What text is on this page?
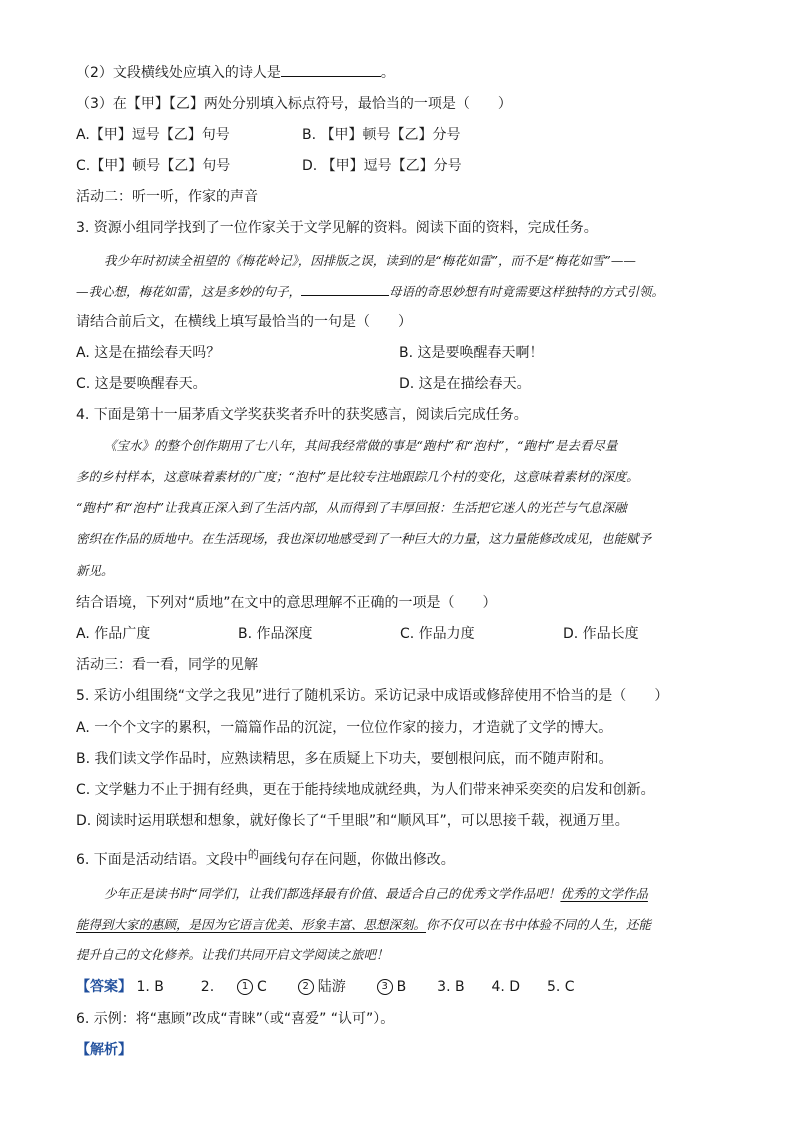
（2）文段横线处应填入的诗人是	。
（3）在【甲】【乙】两处分别填入标点符号，最恰当的一项是（ ）
A.【甲】逗号【乙】句号	B. 【甲】顿号【乙】分号
C.【甲】顿号【乙】句号	D. 【甲】逗号【乙】分号
活动二：听一听，作家的声音
3. 资源小组同学找到了一位作家关于文学见解的资料。阅读下面的资料，完成任务。
我少年时初读全祖望的《梅花岭记》，因排版之误，读到的是“梅花如雷”，而不是“梅花如雪”——
—我心想，梅花如雷，这是多妙的句子，	母语的奇思妙想有时竟需要这样独特的方式引领。
请结合前后文，在横线上填写最恰当的一句是（ ）
A. 这是在描绘春天吗？	B. 这是要唤醒春天啊！
C. 这是要唤醒春天。	D. 这是在描绘春天。
4. 下面是第十一届茅盾文学奖获奖者乔叶的获奖感言，阅读后完成任务。
《宝水》的整个创作期用了七八年，其间我经常做的事是“跑村”和“泡村”，“跑村”是去看尽量
多的乡村样本，这意味着素材的广度；“泡村”是比较专注地跟踪几个村的变化，这意味着素材的深度。
“跑村”和“泡村”让我真正深入到了生活内部，从而得到了丰厚回报：生活把它迷人的光芒与气息深融
密织在作品的质地中。在生活现场，我也深切地感受到了一种巨大的力量，这力量能修改成见，也能赋予
新见。
结合语境，下列对“质地”在文中的意思理解不正确的一项是（ ）
A. 作品广度	B. 作品深度	C. 作品力度	D. 作品长度
活动三：看一看，同学的见解
5. 采访小组围绕“文学之我见”进行了随机采访。采访记录中成语或修辞使用不恰当的是（ ）
A. 一个个文字的累积，一篇篇作品的沉淀，一位位作家的接力，才造就了文学的博大。
B. 我们读文学作品时，应熟读精思，多在质疑上下功夫，要刨根问底，而不随声附和。
C. 文学魅力不止于拥有经典，更在于能持续地成就经典，为人们带来神采奕奕的启发和创新。
D. 阅读时运用联想和想象，就好像长了“千里眼”和“顺风耳”，可以思接千载，视通万里。
6. 下面是活动结语。文段中$^的$画线句存在问题，你做出修改。
少年正是读书时“同学们，让我们都选择最有价值、最适合自己的优秀文学作品吧！优秀的文学作品
能得到大家的惠顾，是因为它语言优美、形象丰富、思想深刻。你不仅可以在书中体验不同的人生，还能
提升自己的文化修养。让我们共同开启文学阅读之旅吧！
【答案】 1. B	2.	1 C	2 陆游	3 B 3. B 4. D 5. C
6. 示例：将“惠顾”改成“青睐”（或“喜爱” “认可”）。
【解析】
